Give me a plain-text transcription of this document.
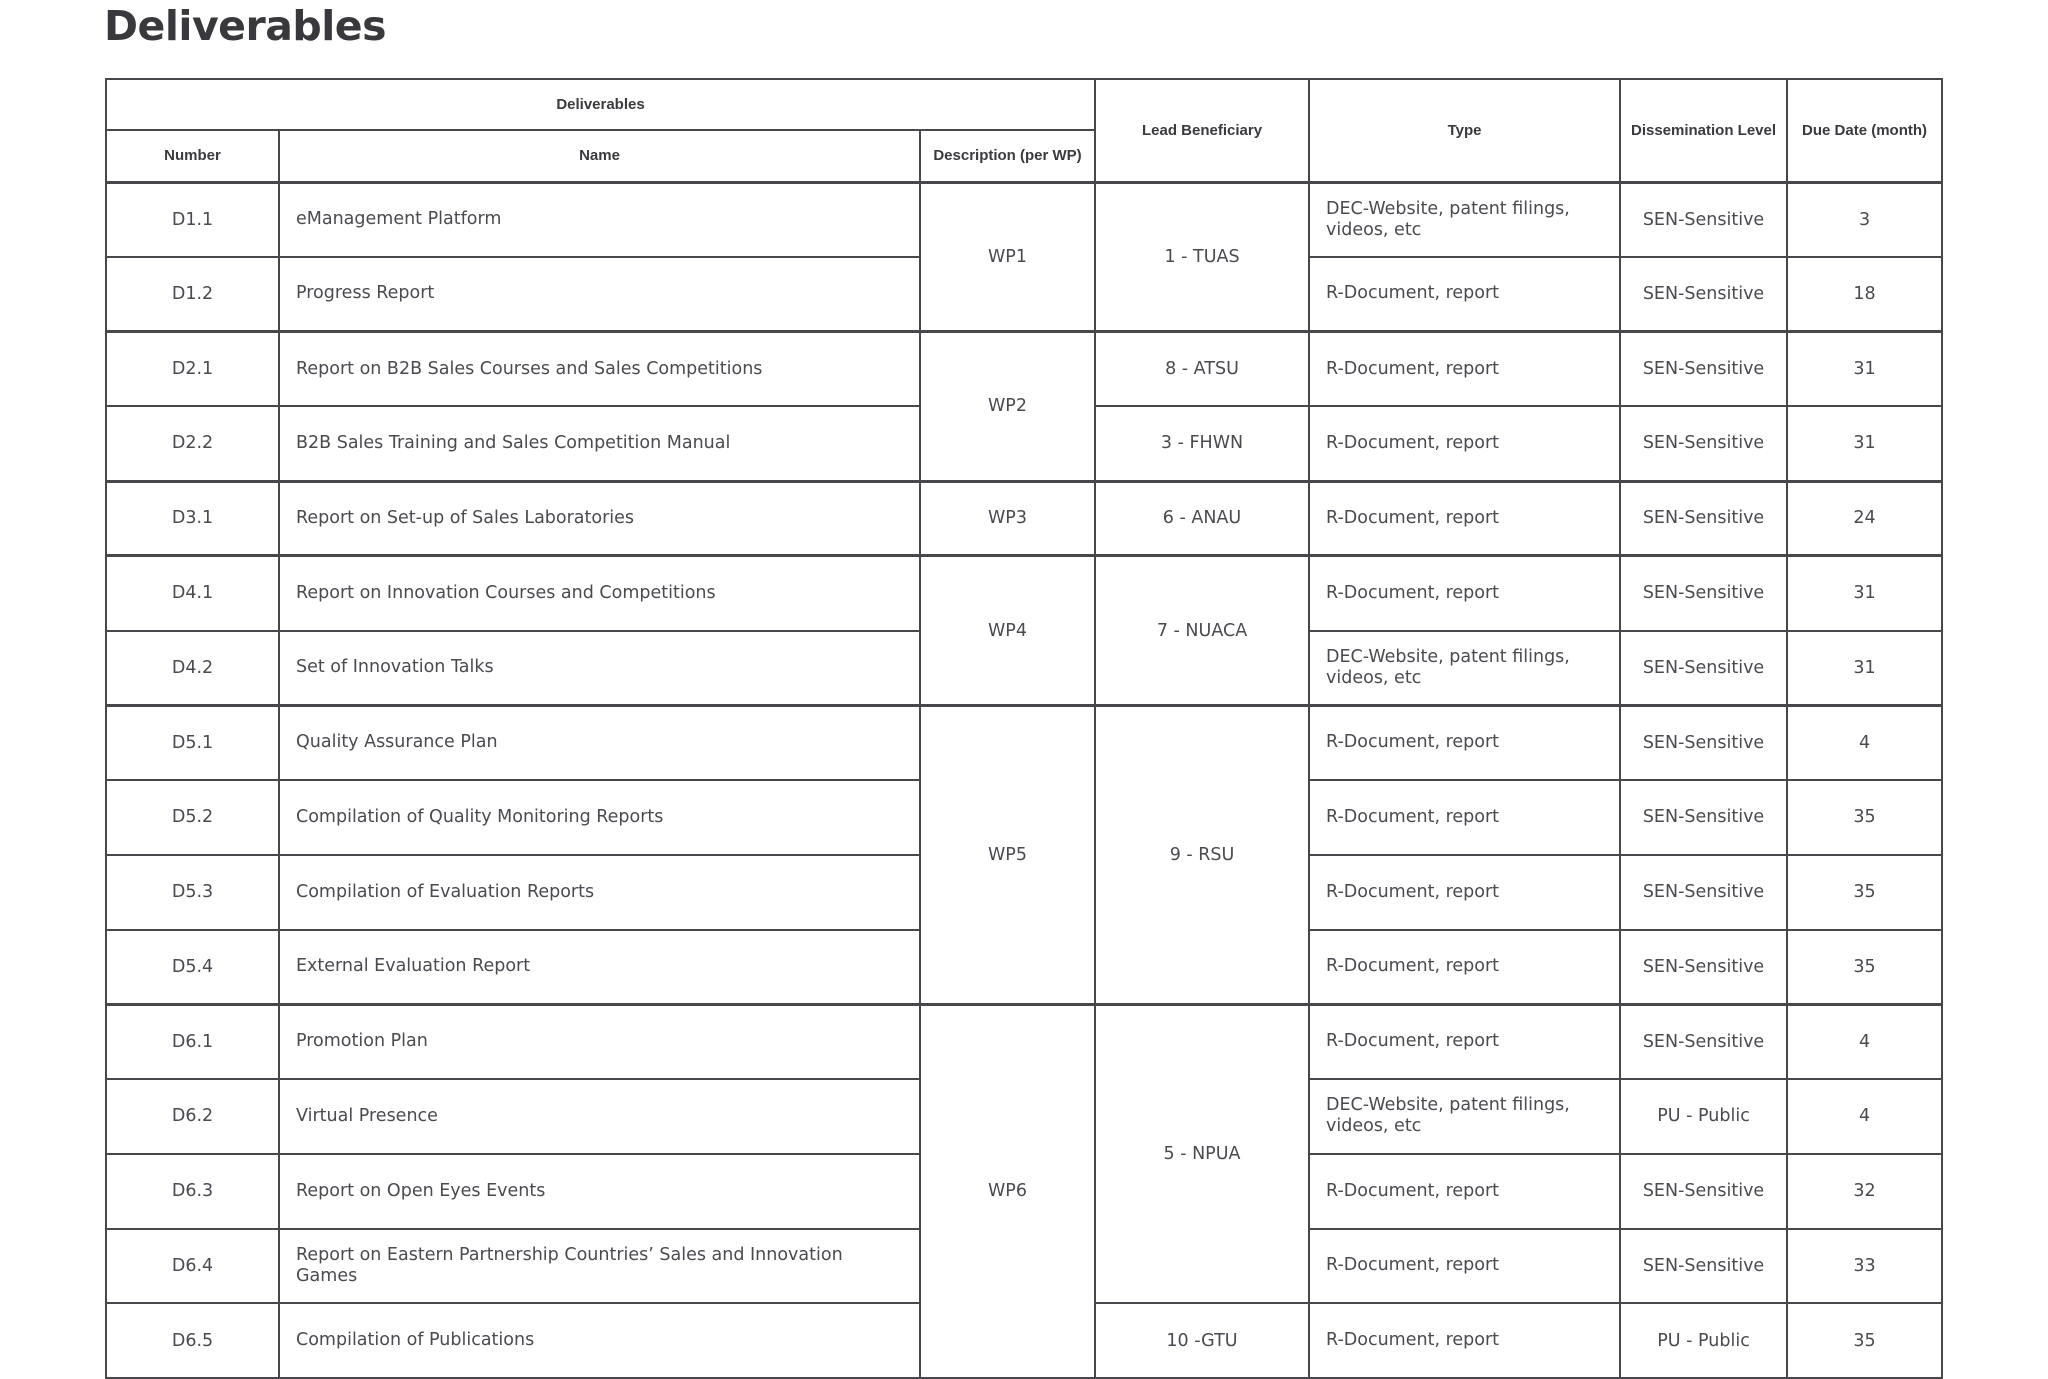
Deliverables
Deliverables			Lead Beneficiary	Type	Dissemination Level	Due Date (month)
Number	Name	Description (per WP)				
D1.1	eManagement Platform	WP1	1 - TUAS	DEC-Website, patent filings, videos, etc	SEN-Sensitive	3
D1.2	Progress Report			R-Document, report	SEN-Sensitive	18
D2.1	Report on B2B Sales Courses and Sales Competitions	WP2	8 - ATSU	R-Document, report	SEN-Sensitive	31
D2.2	B2B Sales Training and Sales Competition Manual		3 - FHWN	R-Document, report	SEN-Sensitive	31
D3.1	Report on Set-up of Sales Laboratories	WP3	6 - ANAU	R-Document, report	SEN-Sensitive	24
D4.1	Report on Innovation Courses and Competitions	WP4	7 - NUACA	R-Document, report	SEN-Sensitive	31
D4.2	Set of Innovation Talks			DEC-Website, patent filings, videos, etc	SEN-Sensitive	31
D5.1	Quality Assurance Plan	WP5	9 - RSU	R-Document, report	SEN-Sensitive	4
D5.2	Compilation of Quality Monitoring Reports			R-Document, report	SEN-Sensitive	35
D5.3	Compilation of Evaluation Reports			R-Document, report	SEN-Sensitive	35
D5.4	External Evaluation Report			R-Document, report	SEN-Sensitive	35
D6.1	Promotion Plan	WP6	5 - NPUA	R-Document, report	SEN-Sensitive	4
D6.2	Virtual Presence			DEC-Website, patent filings, videos, etc	PU - Public	4
D6.3	Report on Open Eyes Events			R-Document, report	SEN-Sensitive	32
D6.4	Report on Eastern Partnership Countries’ Sales and Innovation Games			R-Document, report	SEN-Sensitive	33
D6.5	Compilation of Publications		10 -GTU	R-Document, report	PU - Public	35
